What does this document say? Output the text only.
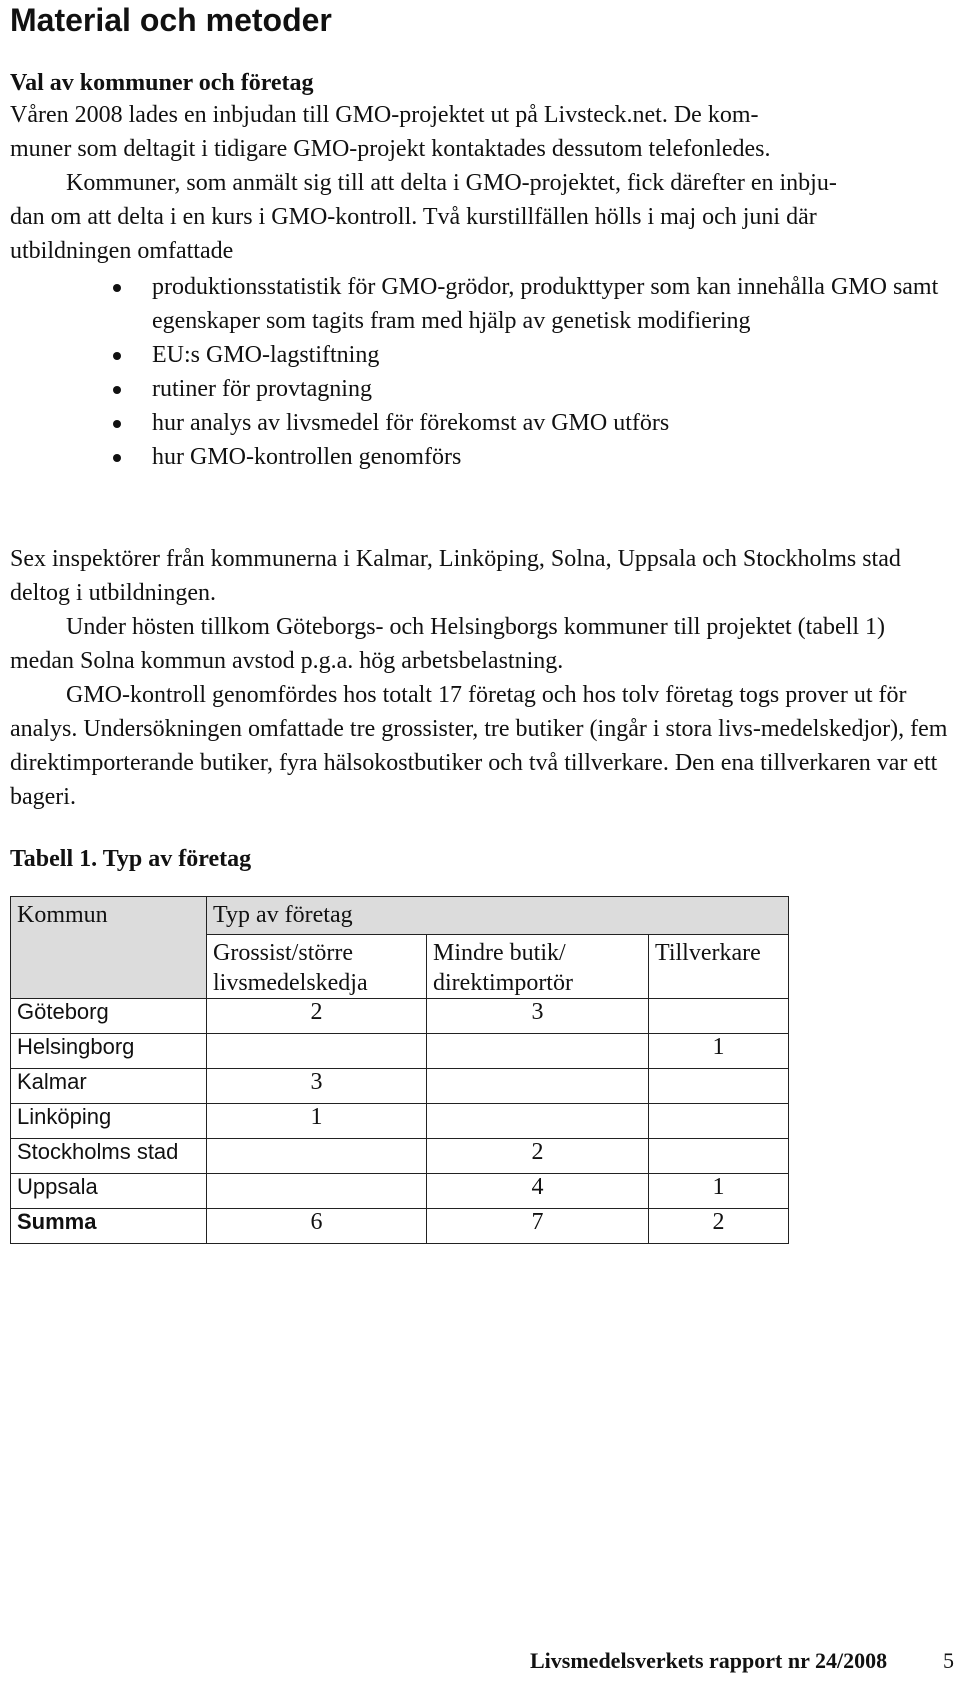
Material och metoder
Val av kommuner och företag

Våren 2008 lades en inbjudan till GMO-projektet ut på Livsteck.net. De kom-

muner som deltagit i tidigare GMO-projekt kontaktades dessutom telefonledes.

Kommuner, som anmält sig till att delta i GMO-projektet, fick därefter en inbju-

dan om att delta i en kurs i GMO-kontroll. Två kurstillfällen hölls i maj och juni där

utbildningen omfattade

produktionsstatistik för GMO-grödor, produkttyper som kan innehålla GMO samt egenskaper som tagits fram med hjälp av genetisk modifiering
EU:s GMO-lagstiftning
rutiner för provtagning
hur analys av livsmedel för förekomst av GMO utförs
hur GMO-kontrollen genomförs

Sex inspektörer från kommunerna i Kalmar, Linköping, Solna, Uppsala och Stockholms stad deltog i utbildningen.

Under hösten tillkom Göteborgs- och Helsingborgs kommuner till projektet (tabell 1) medan Solna kommun avstod p.g.a. hög arbetsbelastning.

GMO-kontroll genomfördes hos totalt 17 företag och hos tolv företag togs prover ut för analys. Undersökningen omfattade tre grossister, tre butiker (ingår i stora livs-medelskedjor), fem direktimporterande butiker, fyra hälsokostbutiker och två tillverkare. Den ena tillverkaren var ett bageri.

Tabell 1. Typ av företag
Kommun	Typ av företag		
	Grossist/större livsmedelskedja	Mindre butik/ direktimportör	Tillverkare
Göteborg	2	3	
Helsingborg			1
Kalmar	3		
Linköping	1		
Stockholms stad		2	
Uppsala		4	1
Summa	6	7	2
Livsmedelsverkets rapport nr 24/2008	5
